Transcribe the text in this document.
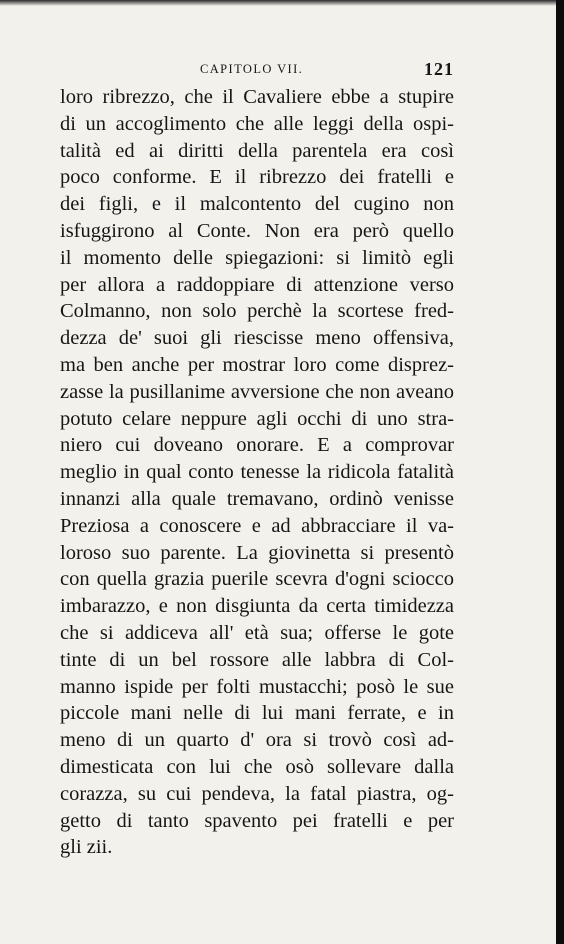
CAPITOLO VII.	121
loro ribrezzo, che il Cavaliere ebbe a stupire
di un accoglimento che alle leggi della ospi-
talità ed ai diritti della parentela era così
poco conforme. E il ribrezzo dei fratelli e
dei figli, e il malcontento del cugino non
isfuggirono al Conte. Non era però quello
il momento delle spiegazioni: si limitò egli
per allora a raddoppiare di attenzione verso
Colmanno, non solo perchè la scortese fred-
dezza de' suoi gli riescisse meno offensiva,
ma ben anche per mostrar loro come disprez-
zasse la pusillanime avversione che non aveano
potuto celare neppure agli occhi di uno stra-
niero cui doveano onorare. E a comprovar
meglio in qual conto tenesse la ridicola fatalità
innanzi alla quale tremavano, ordinò venisse
Preziosa a conoscere e ad abbracciare il va-
loroso suo parente. La giovinetta si presentò
con quella grazia puerile scevra d'ogni sciocco
imbarazzo, e non disgiunta da certa timidezza
che si addiceva all' età sua; offerse le gote
tinte di un bel rossore alle labbra di Col-
manno ispide per folti mustacchi; posò le sue
piccole mani nelle di lui mani ferrate, e in
meno di un quarto d' ora si trovò così ad-
dimesticata con lui che osò sollevare dalla
corazza, su cui pendeva, la fatal piastra, og-
getto di tanto spavento pei fratelli e per
gli zii.
